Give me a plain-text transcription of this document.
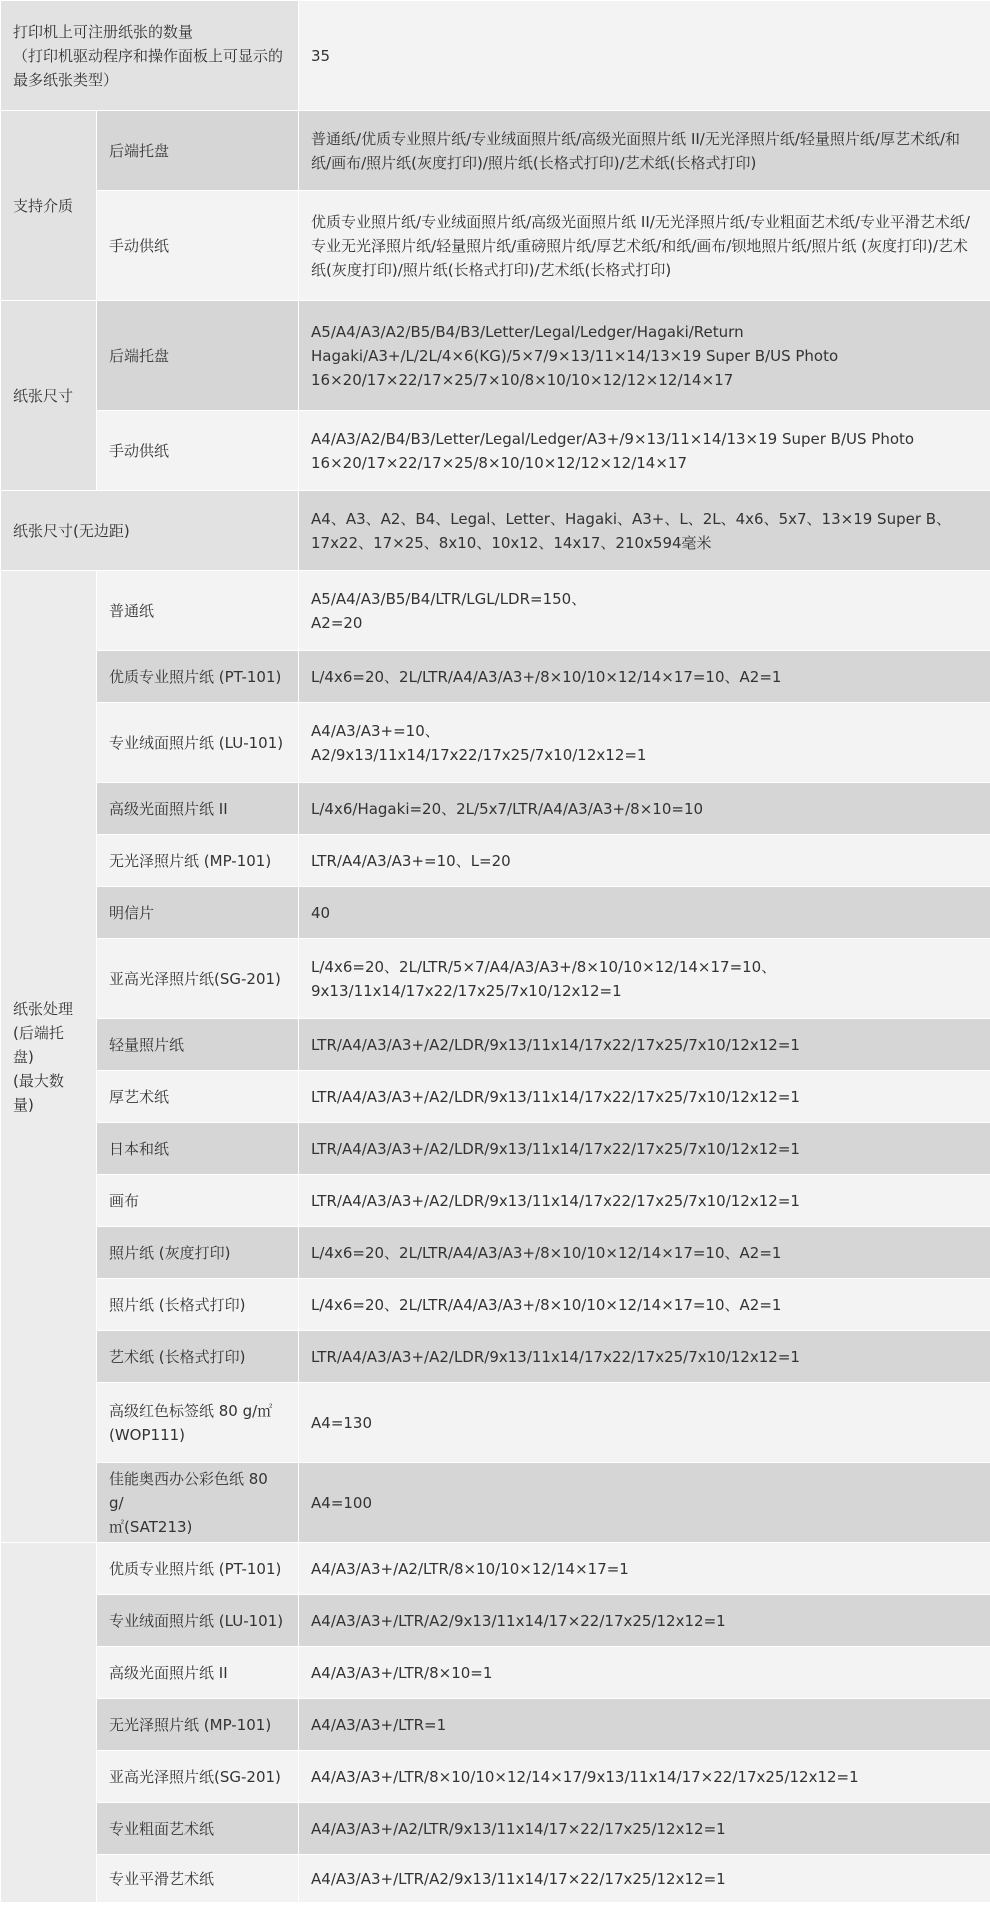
打印机上可注册纸张的数量
（打印机驱动程序和操作面板上可显示的最多纸张类型）		35
支持介质	后端托盘	普通纸/优质专业照片纸/专业绒面照片纸/高级光面照片纸 II/无光泽照片纸/轻量照片纸/厚艺术纸/和纸/画布/照片纸(灰度打印)/照片纸(长格式打印)/艺术纸(长格式打印)
	手动供纸	优质专业照片纸/专业绒面照片纸/高级光面照片纸 II/无光泽照片纸/专业粗面艺术纸/专业平滑艺术纸/专业无光泽照片纸/轻量照片纸/重磅照片纸/厚艺术纸/和纸/画布/钡地照片纸/照片纸 (灰度打印)/艺术纸(灰度打印)/照片纸(长格式打印)/艺术纸(长格式打印)
纸张尺寸	后端托盘	A5/A4/A3/A2/B5/B4/B3/Letter/Legal/Ledger/Hagaki/Return
Hagaki/A3+/L/2L/4×6(KG)/5×7/9×13/11×14/13×19 Super B/US Photo
16×20/17×22/17×25/7×10/8×10/10×12/12×12/14×17
	手动供纸	A4/A3/A2/B4/B3/Letter/Legal/Ledger/A3+/9×13/11×14/13×19 Super B/US Photo
16×20/17×22/17×25/8×10/10×12/12×12/14×17
纸张尺寸(无边距)		A4、A3、A2、B4、Legal、Letter、Hagaki、A3+、L、2L、4x6、5x7、13×19 Super B、17x22、17×25、8x10、10x12、14x17、210x594毫米
纸张处理
(后端托盘)
(最大数量)	普通纸	A5/A4/A3/B5/B4/LTR/LGL/LDR=150、
A2=20
	优质专业照片纸 (PT-101)	L/4x6=20、2L/LTR/A4/A3/A3+/8×10/10×12/14×17=10、A2=1
	专业绒面照片纸 (LU-101)	A4/A3/A3+=10、
A2/9x13/11x14/17x22/17x25/7x10/12x12=1
	高级光面照片纸 II	L/4x6/Hagaki=20、2L/5x7/LTR/A4/A3/A3+/8×10=10
	无光泽照片纸 (MP-101)	LTR/A4/A3/A3+=10、L=20
	明信片	40
	亚高光泽照片纸(SG-201)	L/4x6=20、2L/LTR/5×7/A4/A3/A3+/8×10/10×12/14×17=10、
9x13/11x14/17x22/17x25/7x10/12x12=1
	轻量照片纸	LTR/A4/A3/A3+/A2/LDR/9x13/11x14/17x22/17x25/7x10/12x12=1
	厚艺术纸	LTR/A4/A3/A3+/A2/LDR/9x13/11x14/17x22/17x25/7x10/12x12=1
	日本和纸	LTR/A4/A3/A3+/A2/LDR/9x13/11x14/17x22/17x25/7x10/12x12=1
	画布	LTR/A4/A3/A3+/A2/LDR/9x13/11x14/17x22/17x25/7x10/12x12=1
	照片纸 (灰度打印)	L/4x6=20、2L/LTR/A4/A3/A3+/8×10/10×12/14×17=10、A2=1
	照片纸 (长格式打印)	L/4x6=20、2L/LTR/A4/A3/A3+/8×10/10×12/14×17=10、A2=1
	艺术纸 (长格式打印)	LTR/A4/A3/A3+/A2/LDR/9x13/11x14/17x22/17x25/7x10/12x12=1
	高级红色标签纸 80 g/㎡
(WOP111)	A4=130
	佳能奥西办公彩色纸 80 g/
㎡(SAT213)	A4=100
	优质专业照片纸 (PT-101)	A4/A3/A3+/A2/LTR/8×10/10×12/14×17=1
	专业绒面照片纸 (LU-101)	A4/A3/A3+/LTR/A2/9x13/11x14/17×22/17x25/12x12=1
	高级光面照片纸 II	A4/A3/A3+/LTR/8×10=1
	无光泽照片纸 (MP-101)	A4/A3/A3+/LTR=1
	亚高光泽照片纸(SG-201)	A4/A3/A3+/LTR/8×10/10×12/14×17/9x13/11x14/17×22/17x25/12x12=1
	专业粗面艺术纸	A4/A3/A3+/A2/LTR/9x13/11x14/17×22/17x25/12x12=1
	专业平滑艺术纸	A4/A3/A3+/LTR/A2/9x13/11x14/17×22/17x25/12x12=1
